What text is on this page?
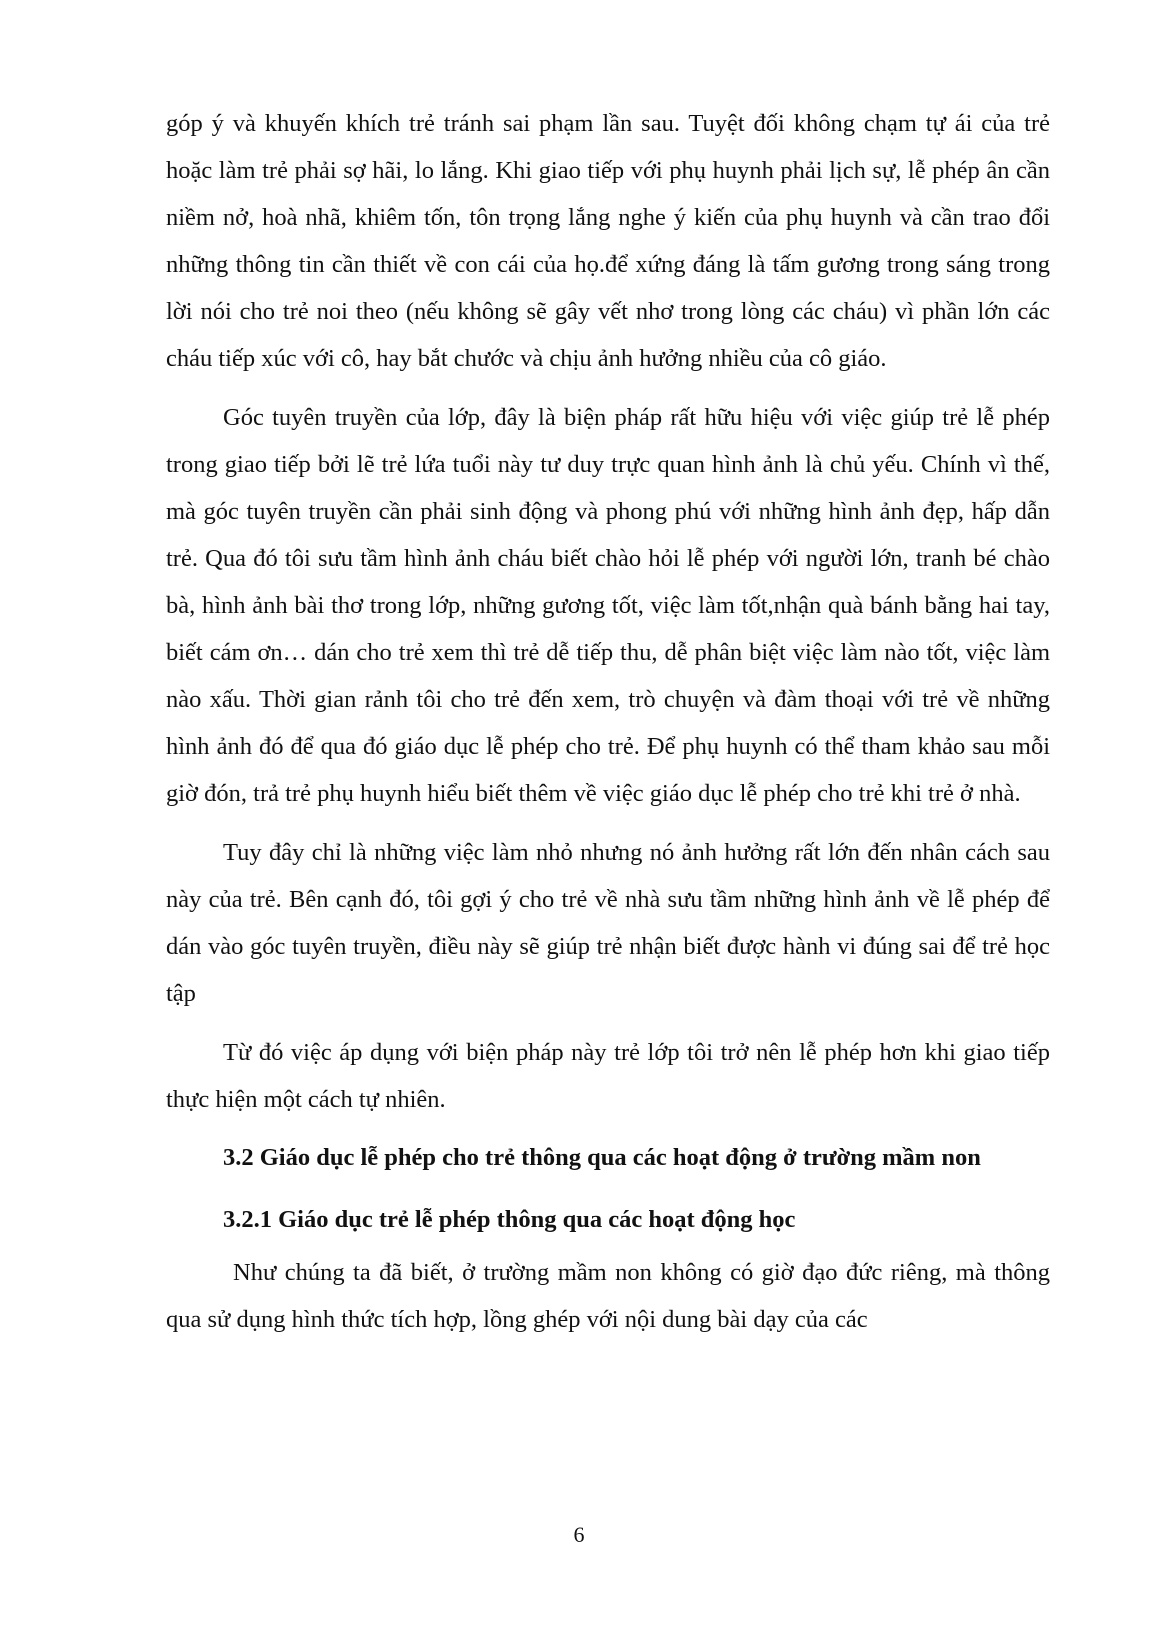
góp ý và khuyến khích trẻ tránh sai phạm lần sau. Tuyệt đối không chạm tự ái của trẻ hoặc làm trẻ phải sợ hãi, lo lắng. Khi giao tiếp với phụ huynh phải lịch sự, lễ phép ân cần niềm nở, hoà nhã, khiêm tốn, tôn trọng lắng nghe ý kiến của phụ huynh và cần trao đổi những thông tin cần thiết về con cái của họ.để xứng đáng là tấm gương trong sáng trong lời nói cho trẻ noi theo (nếu không sẽ gây vết nhơ trong lòng các cháu) vì phần lớn các cháu tiếp xúc với cô, hay bắt chước và chịu ảnh hưởng nhiều của cô giáo.

Góc tuyên truyền của lớp, đây là biện pháp rất hữu hiệu với việc giúp trẻ lễ phép trong giao tiếp bởi lẽ trẻ lứa tuổi này tư duy trực quan hình ảnh là chủ yếu. Chính vì thế, mà góc tuyên truyền cần phải sinh động và phong phú với những hình ảnh đẹp, hấp dẫn trẻ. Qua đó tôi sưu tầm hình ảnh cháu biết chào hỏi lễ phép với người lớn, tranh bé chào bà, hình ảnh bài thơ trong lớp, những gương tốt, việc làm tốt,nhận quà bánh bằng hai tay, biết cám ơn… dán cho trẻ xem thì trẻ dễ tiếp thu, dễ phân biệt việc làm nào tốt, việc làm nào xấu. Thời gian rảnh tôi cho trẻ đến xem, trò chuyện và đàm thoại với trẻ về những hình ảnh đó để qua đó giáo dục lễ phép cho trẻ. Để phụ huynh có thể tham khảo sau mỗi giờ đón, trả trẻ phụ huynh hiểu biết thêm về việc giáo dục lễ phép cho trẻ khi trẻ ở nhà.

Tuy đây chỉ là những việc làm nhỏ nhưng nó ảnh hưởng rất lớn đến nhân cách sau này của trẻ. Bên cạnh đó, tôi gợi ý cho trẻ về nhà sưu tầm những hình ảnh về lễ phép để dán vào góc tuyên truyền, điều này sẽ giúp trẻ nhận biết được hành vi đúng sai để trẻ học tập

Từ đó việc áp dụng với biện pháp này trẻ lớp tôi trở nên lễ phép hơn khi giao tiếp thực hiện một cách tự nhiên.

3.2 Giáo dục lễ phép cho trẻ thông qua các hoạt động ở trường mầm non

3.2.1 Giáo dục trẻ lễ phép thông qua các hoạt động học

Như chúng ta đã biết, ở trường mầm non không có giờ đạo đức riêng, mà thông qua sử dụng hình thức tích hợp, lồng ghép với nội dung bài dạy của các

6
